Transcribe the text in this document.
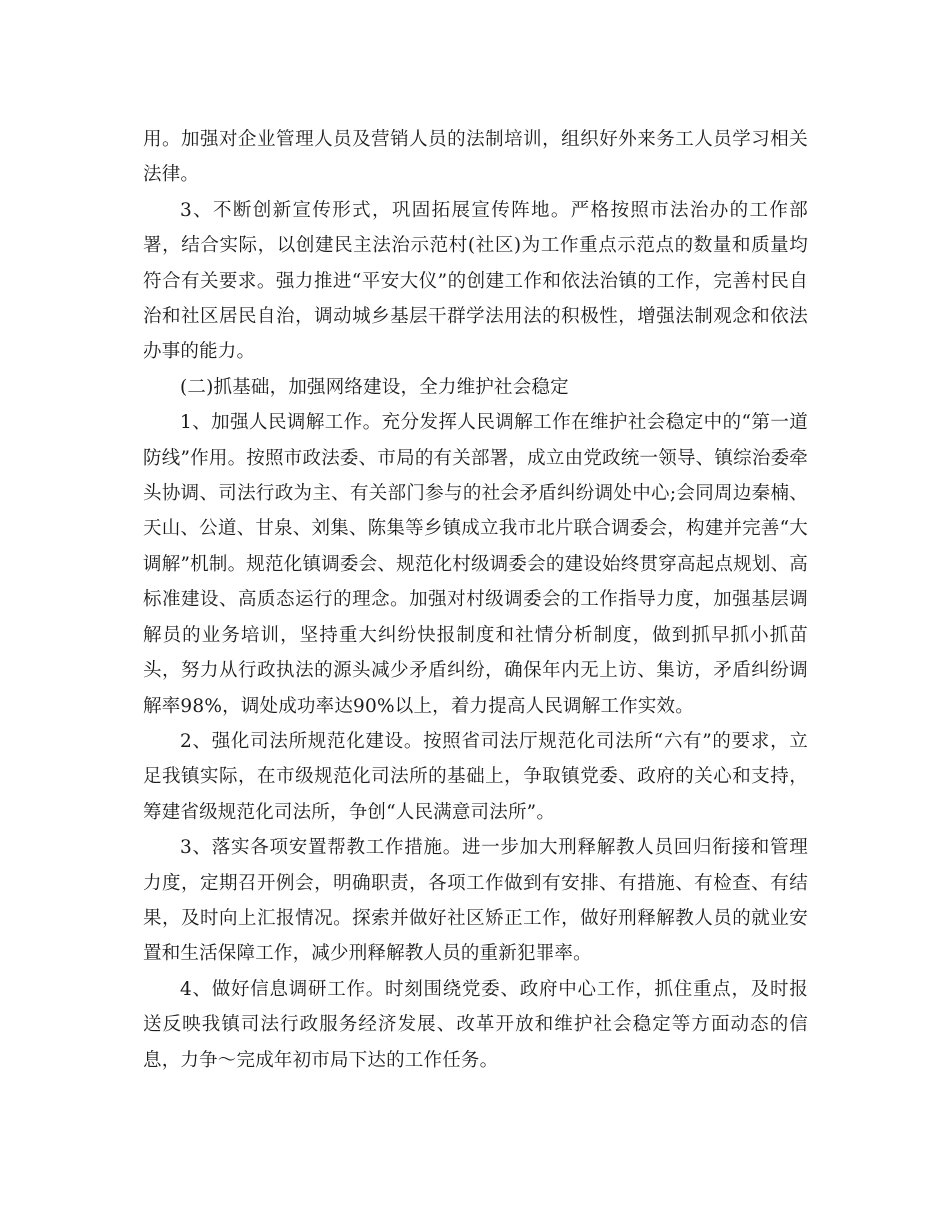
用。加强对企业管理人员及营销人员的法制培训，组织好外来务工人员学习相关法律。

3、不断创新宣传形式，巩固拓展宣传阵地。严格按照市法治办的工作部署，结合实际，以创建民主法治示范村(社区)为工作重点示范点的数量和质量均符合有关要求。强力推进“平安大仪”的创建工作和依法治镇的工作，完善村民自治和社区居民自治，调动城乡基层干群学法用法的积极性，增强法制观念和依法办事的能力。

(二)抓基础，加强网络建设，全力维护社会稳定

1、加强人民调解工作。充分发挥人民调解工作在维护社会稳定中的“第一道防线”作用。按照市政法委、市局的有关部署，成立由党政统一领导、镇综治委牵头协调、司法行政为主、有关部门参与的社会矛盾纠纷调处中心;会同周边秦楠、天山、公道、甘泉、刘集、陈集等乡镇成立我市北片联合调委会，构建并完善“大调解”机制。规范化镇调委会、规范化村级调委会的建设始终贯穿高起点规划、高标准建设、高质态运行的理念。加强对村级调委会的工作指导力度，加强基层调解员的业务培训，坚持重大纠纷快报制度和社情分析制度，做到抓早抓小抓苗头，努力从行政执法的源头减少矛盾纠纷，确保年内无上访、集访，矛盾纠纷调解率98%，调处成功率达90%以上，着力提高人民调解工作实效。

2、强化司法所规范化建设。按照省司法厅规范化司法所“六有”的要求，立足我镇实际，在市级规范化司法所的基础上，争取镇党委、政府的关心和支持，筹建省级规范化司法所，争创“人民满意司法所”。

3、落实各项安置帮教工作措施。进一步加大刑释解教人员回归衔接和管理力度，定期召开例会，明确职责，各项工作做到有安排、有措施、有检查、有结果，及时向上汇报情况。探索并做好社区矫正工作，做好刑释解教人员的就业安置和生活保障工作，减少刑释解教人员的重新犯罪率。

4、做好信息调研工作。时刻围绕党委、政府中心工作，抓住重点，及时报送反映我镇司法行政服务经济发展、改革开放和维护社会稳定等方面动态的信息，力争～完成年初市局下达的工作任务。
